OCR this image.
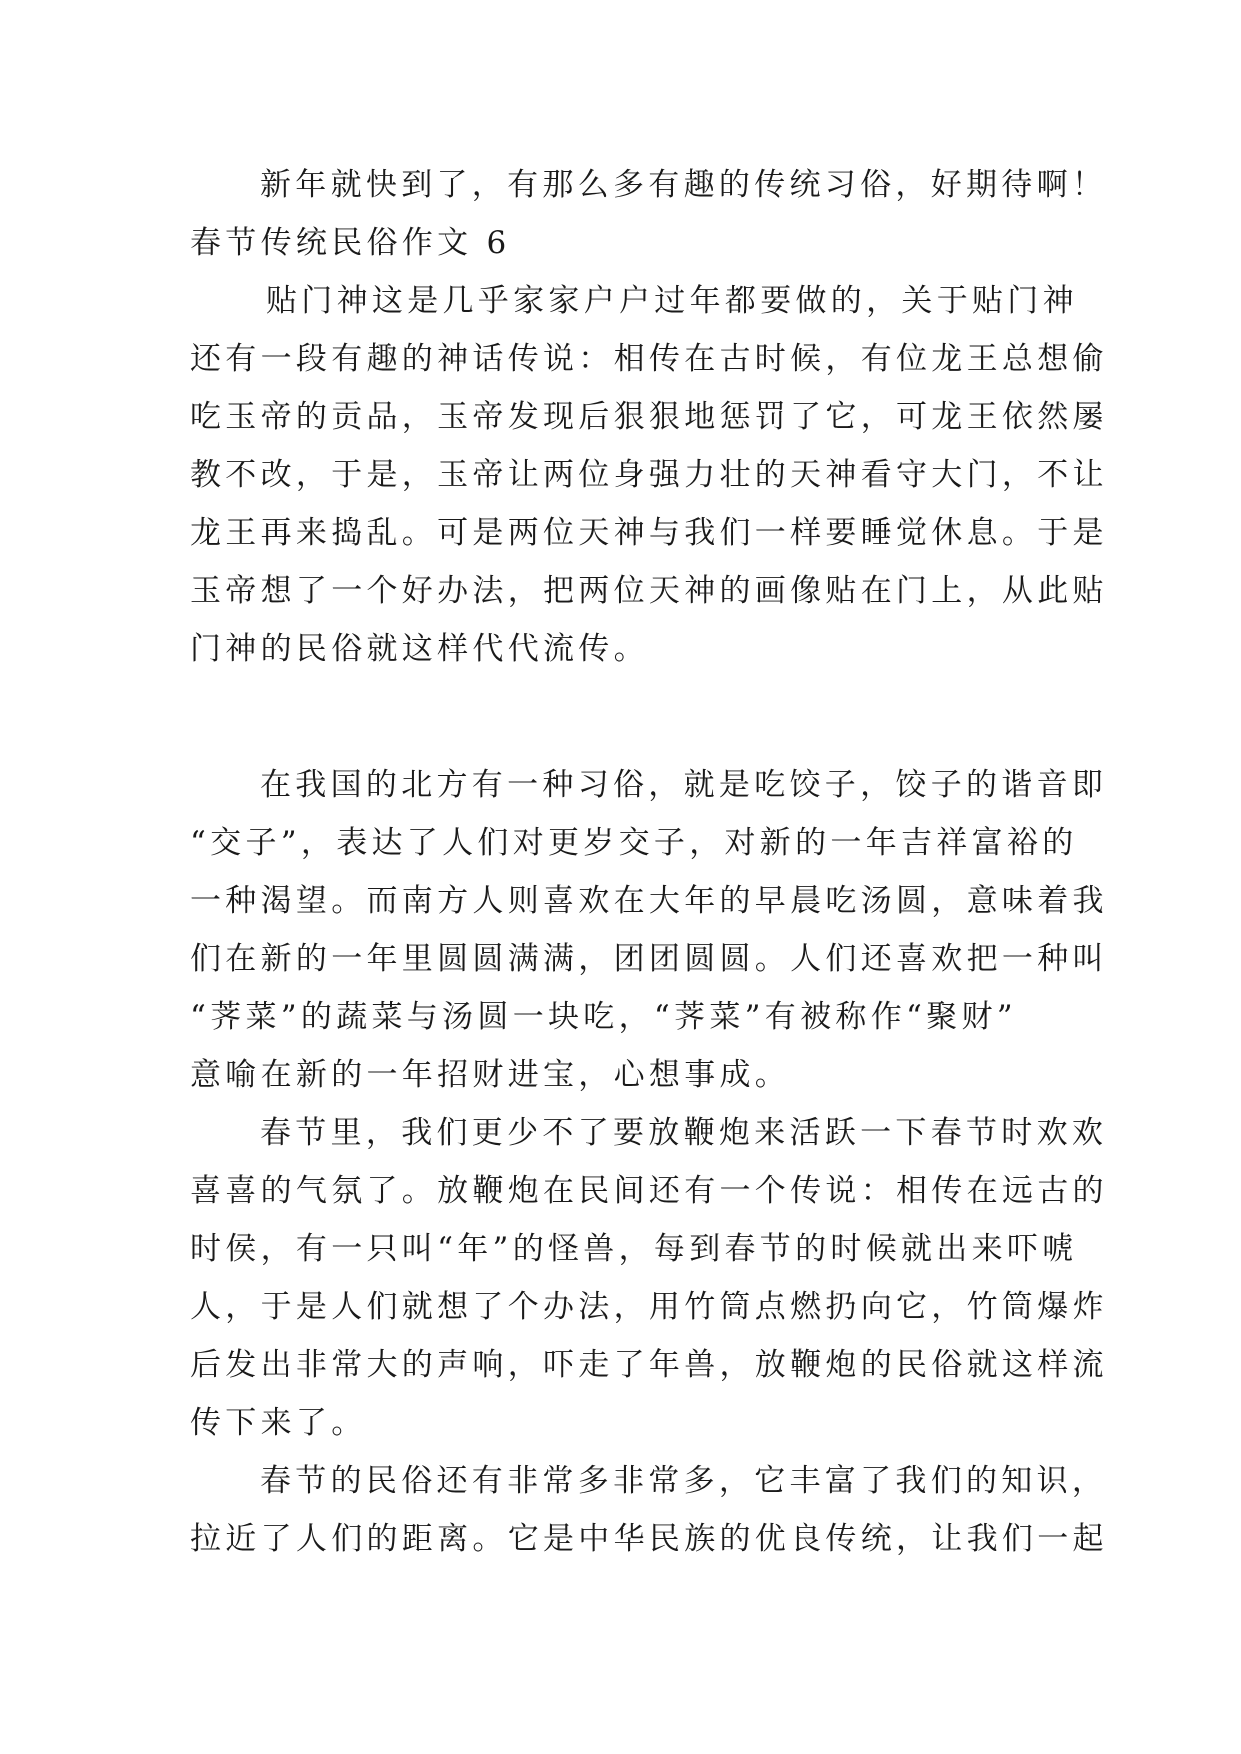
新年就快到了，有那么多有趣的传统习俗，好期待啊！
春节传统民俗作文 6
贴门神这是几乎家家户户过年都要做的，关于贴门神
还有一段有趣的神话传说：相传在古时候，有位龙王总想偷
吃玉帝的贡品，玉帝发现后狠狠地惩罚了它，可龙王依然屡
教不改，于是，玉帝让两位身强力壮的天神看守大门，不让
龙王再来捣乱。可是两位天神与我们一样要睡觉休息。于是
玉帝想了一个好办法，把两位天神的画像贴在门上，从此贴
门神的民俗就这样代代流传。
在我国的北方有一种习俗，就是吃饺子，饺子的谐音即
“交子”，表达了人们对更岁交子，对新的一年吉祥富裕的
一种渴望。而南方人则喜欢在大年的早晨吃汤圆，意味着我
们在新的一年里圆圆满满，团团圆圆。人们还喜欢把一种叫
“荠菜”的蔬菜与汤圆一块吃，“荠菜”有被称作“聚财”
意喻在新的一年招财进宝，心想事成。
春节里，我们更少不了要放鞭炮来活跃一下春节时欢欢
喜喜的气氛了。放鞭炮在民间还有一个传说：相传在远古的
时侯，有一只叫“年”的怪兽，每到春节的时候就出来吓唬
人，于是人们就想了个办法，用竹筒点燃扔向它，竹筒爆炸
后发出非常大的声响，吓走了年兽，放鞭炮的民俗就这样流
传下来了。
春节的民俗还有非常多非常多，它丰富了我们的知识，
拉近了人们的距离。它是中华民族的优良传统，让我们一起
